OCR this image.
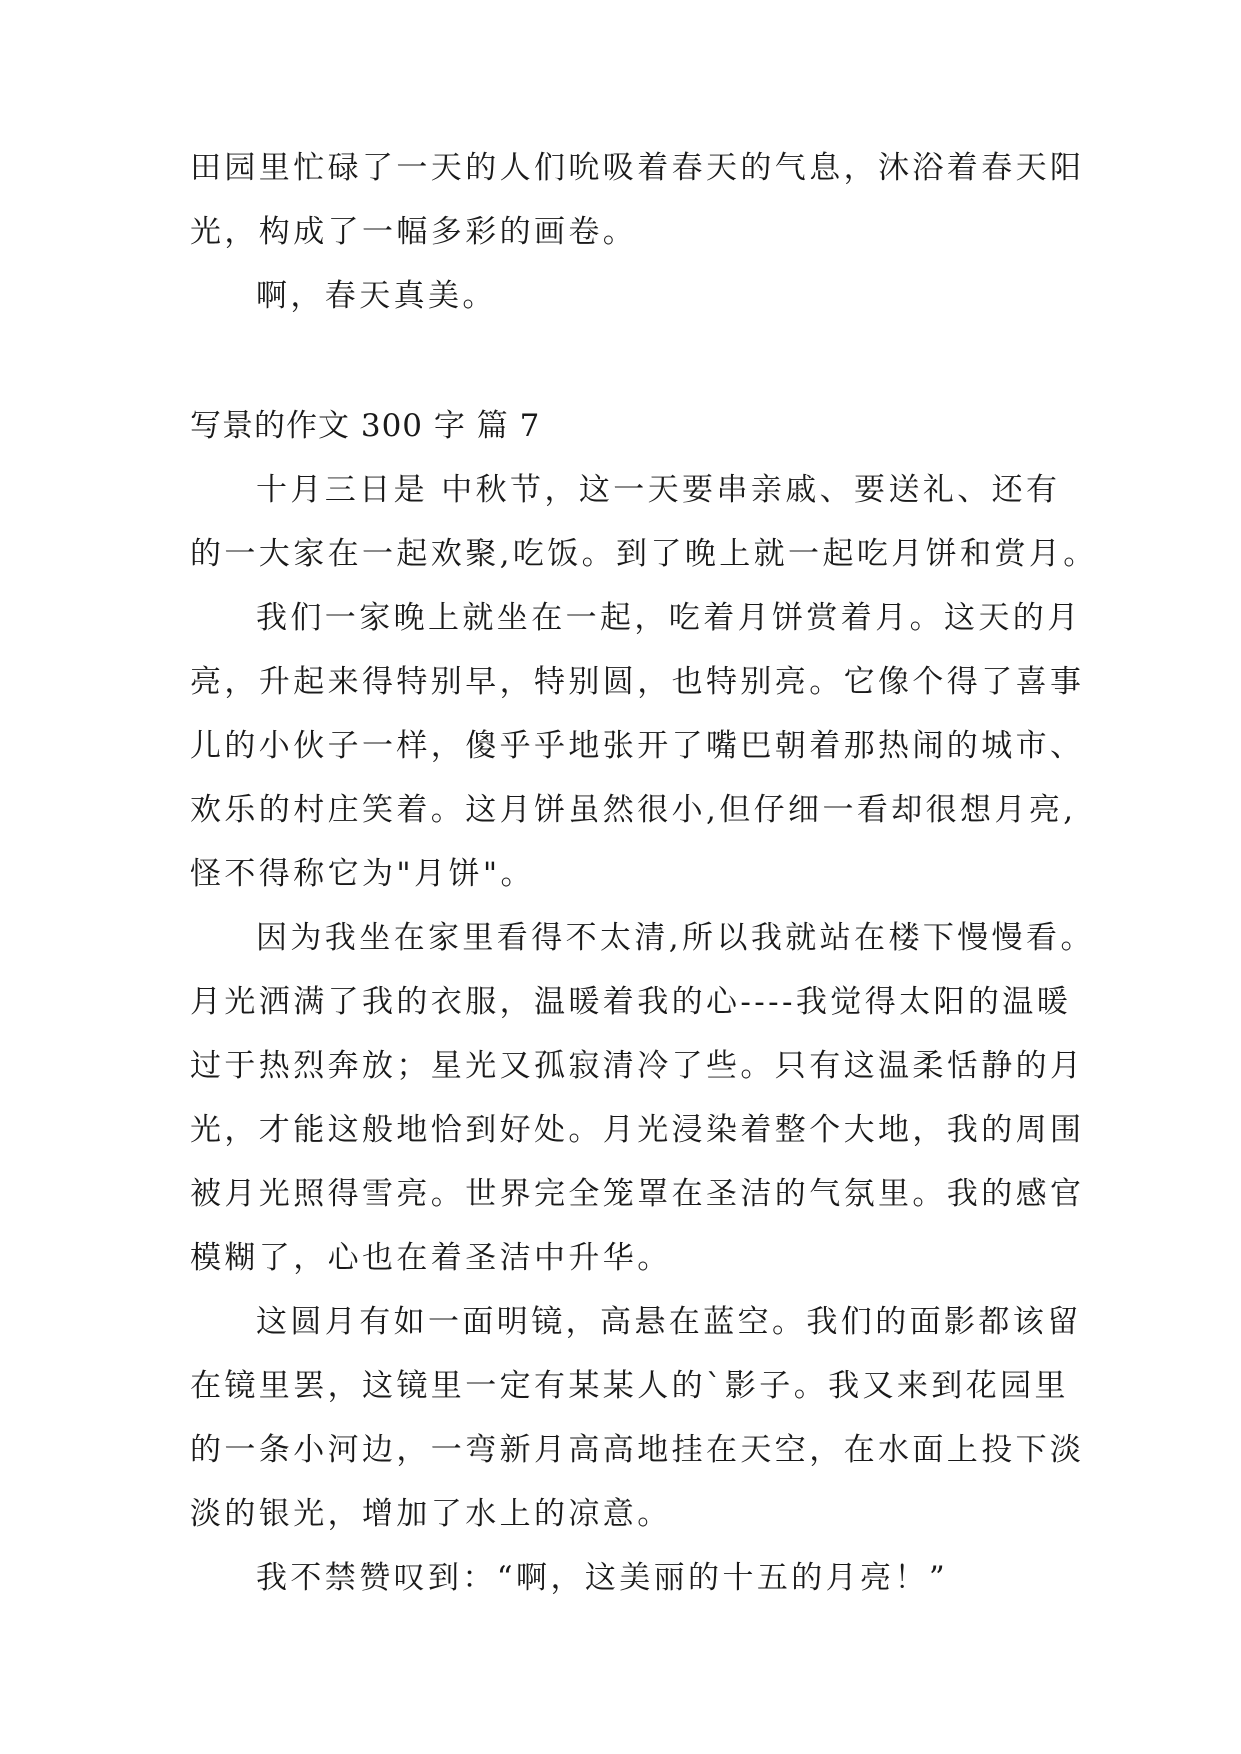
田园里忙碌了一天的人们吮吸着春天的气息，沐浴着春天阳
光，构成了一幅多彩的画卷。
啊，春天真美。
写景的作文 300 字 篇 7
十月三日是 中秋节，这一天要串亲戚、要送礼、还有
的一大家在一起欢聚,吃饭。到了晚上就一起吃月饼和赏月。
我们一家晚上就坐在一起，吃着月饼赏着月。这天的月
亮，升起来得特别早，特别圆，也特别亮。它像个得了喜事
儿的小伙子一样，傻乎乎地张开了嘴巴朝着那热闹的城市、
欢乐的村庄笑着。这月饼虽然很小,但仔细一看却很想月亮,
怪不得称它为"月饼"。
因为我坐在家里看得不太清,所以我就站在楼下慢慢看。
月光洒满了我的衣服，温暖着我的心----我觉得太阳的温暖
过于热烈奔放；星光又孤寂清冷了些。只有这温柔恬静的月
光，才能这般地恰到好处。月光浸染着整个大地，我的周围
被月光照得雪亮。世界完全笼罩在圣洁的气氛里。我的感官
模糊了，心也在着圣洁中升华。
这圆月有如一面明镜，高悬在蓝空。我们的面影都该留
在镜里罢，这镜里一定有某某人的`影子。我又来到花园里
的一条小河边，一弯新月高高地挂在天空，在水面上投下淡
淡的银光，增加了水上的凉意。
我不禁赞叹到：“啊，这美丽的十五的月亮！”
